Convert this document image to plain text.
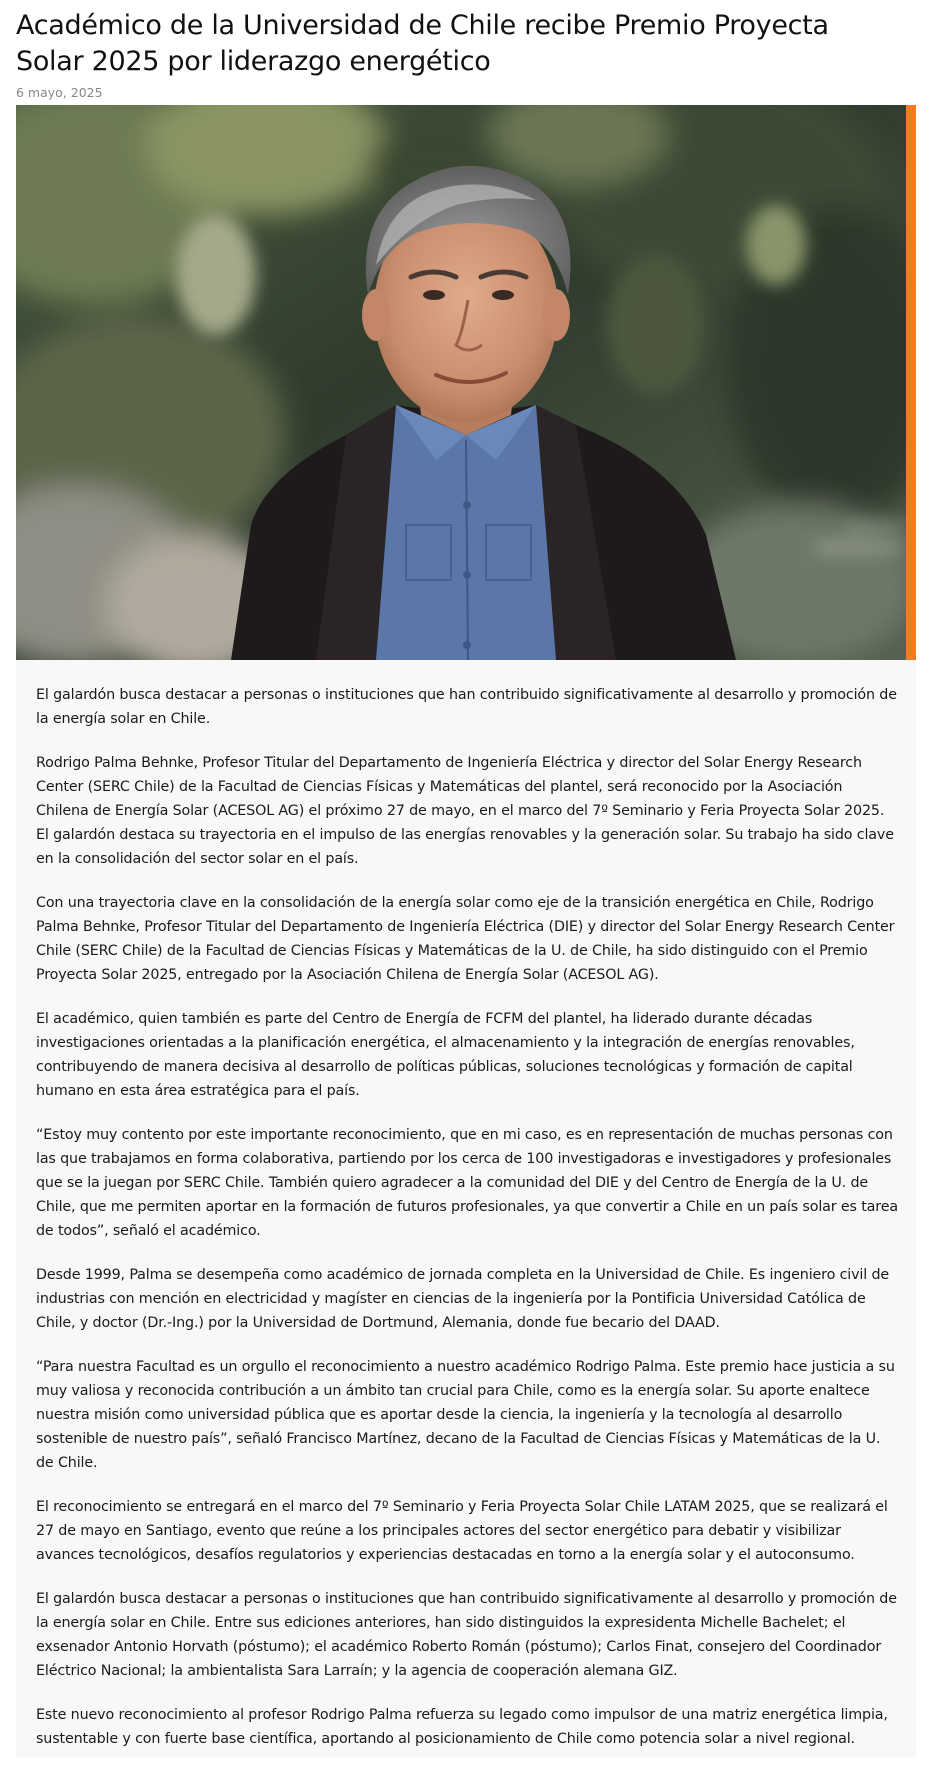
Académico de la Universidad de Chile recibe Premio Proyecta Solar 2025 por liderazgo energético
6 mayo, 2025

El galardón busca destacar a personas o instituciones que han contribuido significativamente al desarrollo y promoción de la energía solar en Chile.

Rodrigo Palma Behnke, Profesor Titular del Departamento de Ingeniería Eléctrica y director del Solar Energy Research Center (SERC Chile) de la Facultad de Ciencias Físicas y Matemáticas del plantel, será reconocido por la Asociación Chilena de Energía Solar (ACESOL AG) el próximo 27 de mayo, en el marco del 7º Seminario y Feria Proyecta Solar 2025. El galardón destaca su trayectoria en el impulso de las energías renovables y la generación solar. Su trabajo ha sido clave en la consolidación del sector solar en el país.

Con una trayectoria clave en la consolidación de la energía solar como eje de la transición energética en Chile, Rodrigo Palma Behnke, Profesor Titular del Departamento de Ingeniería Eléctrica (DIE) y director del Solar Energy Research Center Chile (SERC Chile) de la Facultad de Ciencias Físicas y Matemáticas de la U. de Chile, ha sido distinguido con el Premio Proyecta Solar 2025, entregado por la Asociación Chilena de Energía Solar (ACESOL AG).

El académico, quien también es parte del Centro de Energía de FCFM del plantel, ha liderado durante décadas investigaciones orientadas a la planificación energética, el almacenamiento y la integración de energías renovables, contribuyendo de manera decisiva al desarrollo de políticas públicas, soluciones tecnológicas y formación de capital humano en esta área estratégica para el país.

“Estoy muy contento por este importante reconocimiento, que en mi caso, es en representación de muchas personas con las que trabajamos en forma colaborativa, partiendo por los cerca de 100 investigadoras e investigadores y profesionales que se la juegan por SERC Chile. También quiero agradecer a la comunidad del DIE y del Centro de Energía de la U. de Chile, que me permiten aportar en la formación de futuros profesionales, ya que convertir a Chile en un país solar es tarea de todos”, señaló el académico.

Desde 1999, Palma se desempeña como académico de jornada completa en la Universidad de Chile. Es ingeniero civil de industrias con mención en electricidad y magíster en ciencias de la ingeniería por la Pontificia Universidad Católica de Chile, y doctor (Dr.-Ing.) por la Universidad de Dortmund, Alemania, donde fue becario del DAAD.

“Para nuestra Facultad es un orgullo el reconocimiento a nuestro académico Rodrigo Palma. Este premio hace justicia a su muy valiosa y reconocida contribución a un ámbito tan crucial para Chile, como es la energía solar. Su aporte enaltece nuestra misión como universidad pública que es aportar desde la ciencia, la ingeniería y la tecnología al desarrollo sostenible de nuestro país”, señaló Francisco Martínez, decano de la Facultad de Ciencias Físicas y Matemáticas de la U. de Chile.

El reconocimiento se entregará en el marco del 7º Seminario y Feria Proyecta Solar Chile LATAM 2025, que se realizará el 27 de mayo en Santiago, evento que reúne a los principales actores del sector energético para debatir y visibilizar avances tecnológicos, desafíos regulatorios y experiencias destacadas en torno a la energía solar y el autoconsumo.

El galardón busca destacar a personas o instituciones que han contribuido significativamente al desarrollo y promoción de la energía solar en Chile. Entre sus ediciones anteriores, han sido distinguidos la expresidenta Michelle Bachelet; el exsenador Antonio Horvath (póstumo); el académico Roberto Román (póstumo); Carlos Finat, consejero del Coordinador Eléctrico Nacional; la ambientalista Sara Larraín; y la agencia de cooperación alemana GIZ.

Este nuevo reconocimiento al profesor Rodrigo Palma refuerza su legado como impulsor de una matriz energética limpia, sustentable y con fuerte base científica, aportando al posicionamiento de Chile como potencia solar a nivel regional.
